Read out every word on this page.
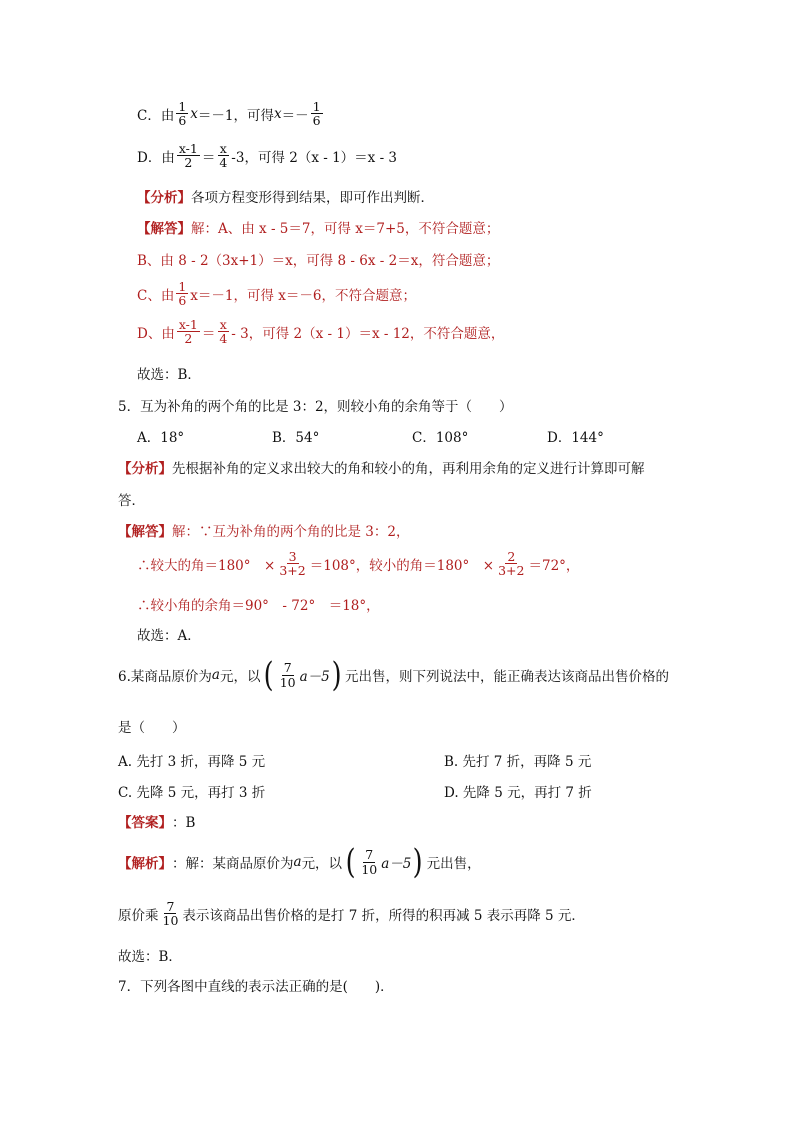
C．由 $\frac{1}{6}$ x ＝－1，可得 $x =- \frac{1}{6}$
D．由 $\frac{x-1}{2} = \frac{x}{4} -3$，可得 2（x - 1）＝x - 3
【分析】 各项方程变形得到结果，即可作出判断．
【解答】 解：A、由 x - 5＝7，可得 x＝7+5，不符合题意；
B、由 8 - 2（3x+1）＝x，可得 8 - 6x - 2＝x，符合题意；
C、由 $\frac{1}{6} x=-1$，可得 x＝－6，不符合题意；
D、由 $\frac{x-1}{2} = \frac{x}{4} - 3$，可得 2（x - 1）＝x - 12，不符合题意，
故选：B．
5．互为补角的两个角的比是 3：2，则较小角的余角等于（　　）
A．18°	B．54°	C．108°	D．144°
【分析】 先根据补角的定义求出较大的角和较小的角，再利用余角的定义进行计算即可解
答．
【解答】 解：∵互为补角的两个角的比是 3：2，
∴较大的角＝180°　× $\frac{3}{3+2} =108^\circ$，较小的角＝180°　× $\frac{2}{3+2} =72^\circ$，
∴较小角的余角＝90°　- 72°　＝18°，
故选：A．
6.某商品原价为 a 元，以 ( $\frac{7}{10} a-5$ ) 元出售，则下列说法中，能正确表达该商品出售价格的
是（　　）
A. 先打 3 折，再降 5 元	B. 先打 7 折，再降 5 元
C. 先降 5 元，再打 3 折	D. 先降 5 元，再打 7 折
【答案】 ：B
【解析】 ：解：某商品原价为 a 元，以 ( $\frac{7}{10} a-5$ ) 元出售，
原价乘 $\frac{7}{10}$ 表示该商品出售价格的是打 7 折，所得的积再减 5 表示再降 5 元．
故选：B．
7．下列各图中直线的表示法正确的是(　　)．
